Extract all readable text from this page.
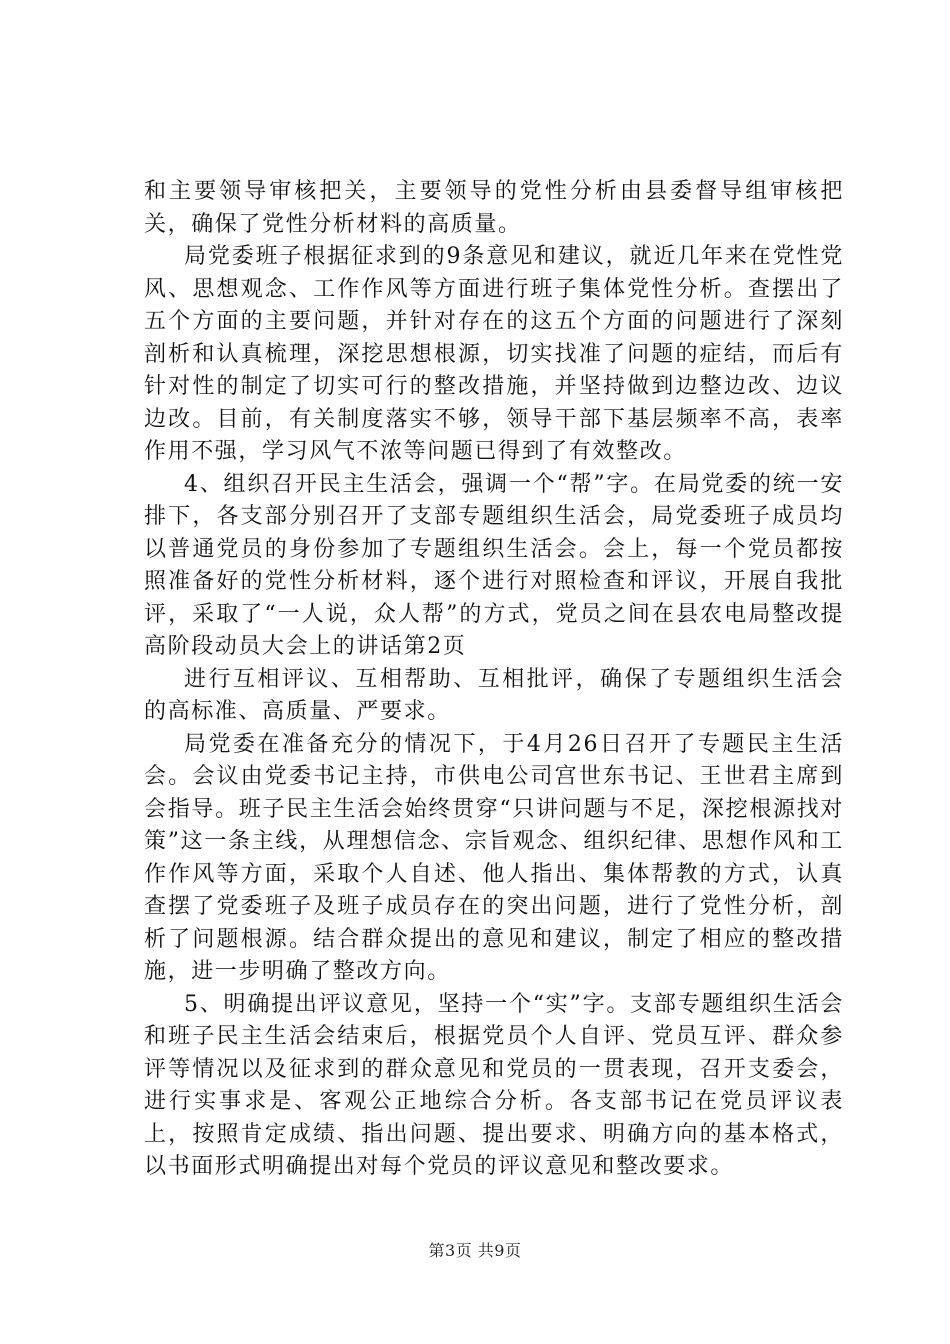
和主要领导审核把关，主要领导的党性分析由县委督导组审核把关，确保了党性分析材料的高质量。

局党委班子根据征求到的9条意见和建议，就近几年来在党性党风、思想观念、工作作风等方面进行班子集体党性分析。查摆出了五个方面的主要问题，并针对存在的这五个方面的问题进行了深刻剖析和认真梳理，深挖思想根源，切实找准了问题的症结，而后有针对性的制定了切实可行的整改措施，并坚持做到边整边改、边议边改。目前，有关制度落实不够，领导干部下基层频率不高，表率作用不强，学习风气不浓等问题已得到了有效整改。

4、组织召开民主生活会，强调一个“帮”字。在局党委的统一安排下，各支部分别召开了支部专题组织生活会，局党委班子成员均以普通党员的身份参加了专题组织生活会。会上，每一个党员都按照准备好的党性分析材料，逐个进行对照检查和评议，开展自我批评，采取了“一人说，众人帮”的方式，党员之间在县农电局整改提高阶段动员大会上的讲话第2页

进行互相评议、互相帮助、互相批评，确保了专题组织生活会的高标准、高质量、严要求。

局党委在准备充分的情况下，于4月26日召开了专题民主生活会。会议由党委书记主持，市供电公司宫世东书记、王世君主席到会指导。班子民主生活会始终贯穿“只讲问题与不足，深挖根源找对策”这一条主线，从理想信念、宗旨观念、组织纪律、思想作风和工作作风等方面，采取个人自述、他人指出、集体帮教的方式，认真查摆了党委班子及班子成员存在的突出问题，进行了党性分析，剖析了问题根源。结合群众提出的意见和建议，制定了相应的整改措施，进一步明确了整改方向。

5、明确提出评议意见，坚持一个“实”字。支部专题组织生活会和班子民主生活会结束后，根据党员个人自评、党员互评、群众参评等情况以及征求到的群众意见和党员的一贯表现，召开支委会，进行实事求是、客观公正地综合分析。各支部书记在党员评议表上，按照肯定成绩、指出问题、提出要求、明确方向的基本格式，以书面形式明确提出对每个党员的评议意见和整改要求。

第3页 共9页
